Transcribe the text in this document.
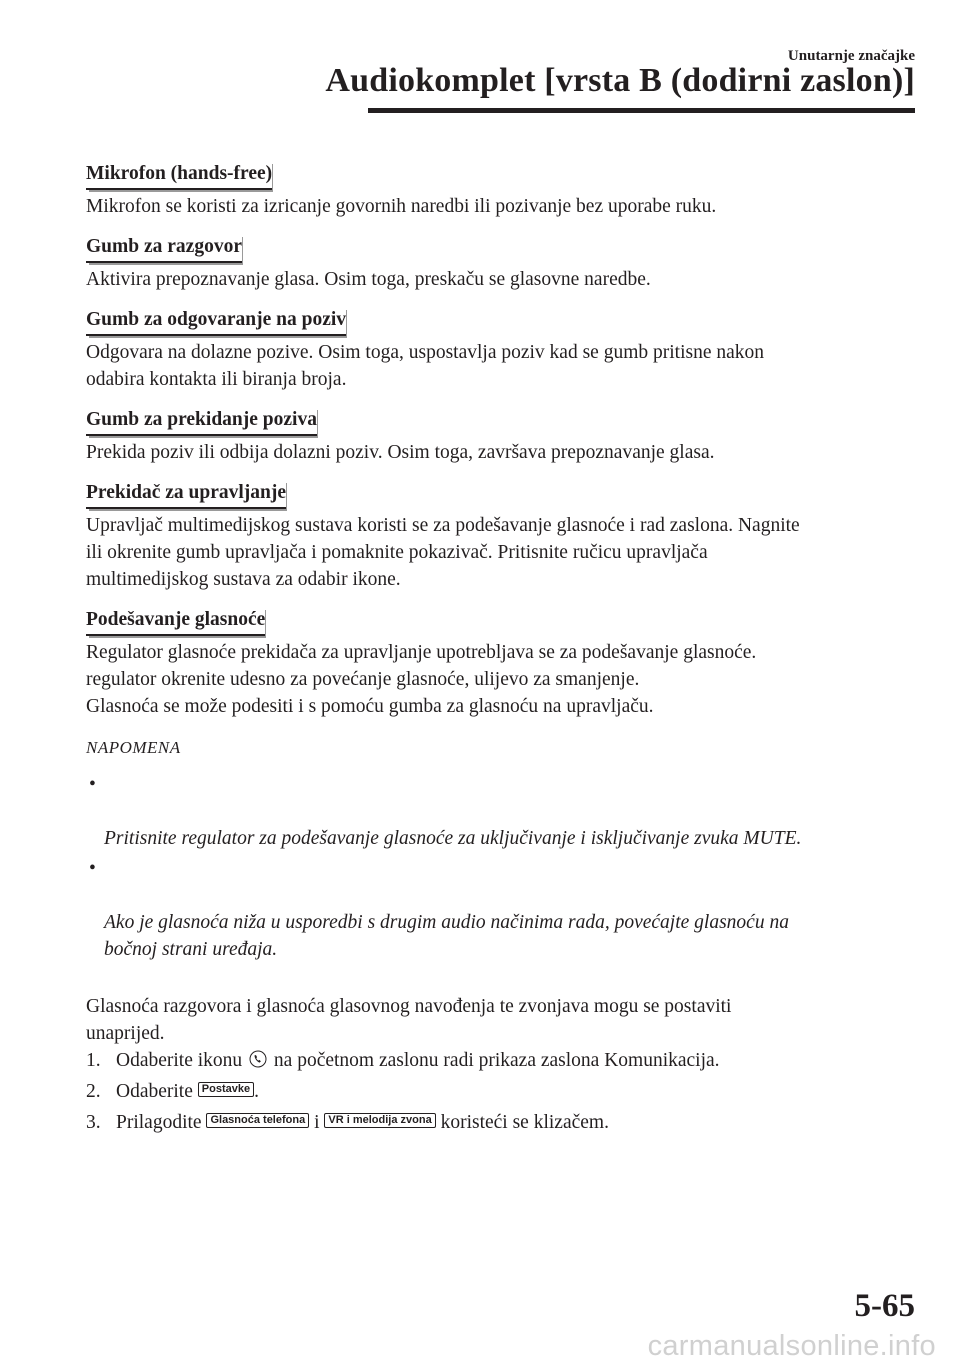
Unutarnje značajke
Audiokomplet [vrsta B (dodirni zaslon)]
Mikrofon (hands-free)

Mikrofon se koristi za izricanje govornih naredbi ili pozivanje bez uporabe ruku.

Gumb za razgovor

Aktivira prepoznavanje glasa. Osim toga, preskaču se glasovne naredbe.

Gumb za odgovaranje na poziv

Odgovara na dolazne pozive. Osim toga, uspostavlja poziv kad se gumb pritisne nakon
odabira kontakta ili biranja broja.

Gumb za prekidanje poziva

Prekida poziv ili odbija dolazni poziv. Osim toga, završava prepoznavanje glasa.

Prekidač za upravljanje

Upravljač multimedijskog sustava koristi se za podešavanje glasnoće i rad zaslona. Nagnite
ili okrenite gumb upravljača i pomaknite pokazivač. Pritisnite ručicu upravljača
multimedijskog sustava za odabir ikone.

Podešavanje glasnoće

Regulator glasnoće prekidača za upravljanje upotrebljava se za podešavanje glasnoće.
regulator okrenite udesno za povećanje glasnoće, ulijevo za smanjenje.
Glasnoća se može podesiti i s pomoću gumba za glasnoću na upravljaču.

NAPOMENA

•

Pritisnite regulator za podešavanje glasnoće za uključivanje i isključivanje zvuka MUTE.

•

Ako je glasnoća niža u usporedbi s drugim audio načinima rada, povećajte glasnoću na
bočnoj strani uređaja.

Glasnoća razgovora i glasnoća glasovnog navođenja te zvonjava mogu se postaviti
unaprijed.

1. Odaberite ikonu na početnom zaslonu radi prikaza zaslona Komunikacija.
2. Odaberite Postavke .
3. Prilagodite Glasnoća telefona i VR i melodija zvona koristeći se klizačem.
5-65
carmanualsonline.info
